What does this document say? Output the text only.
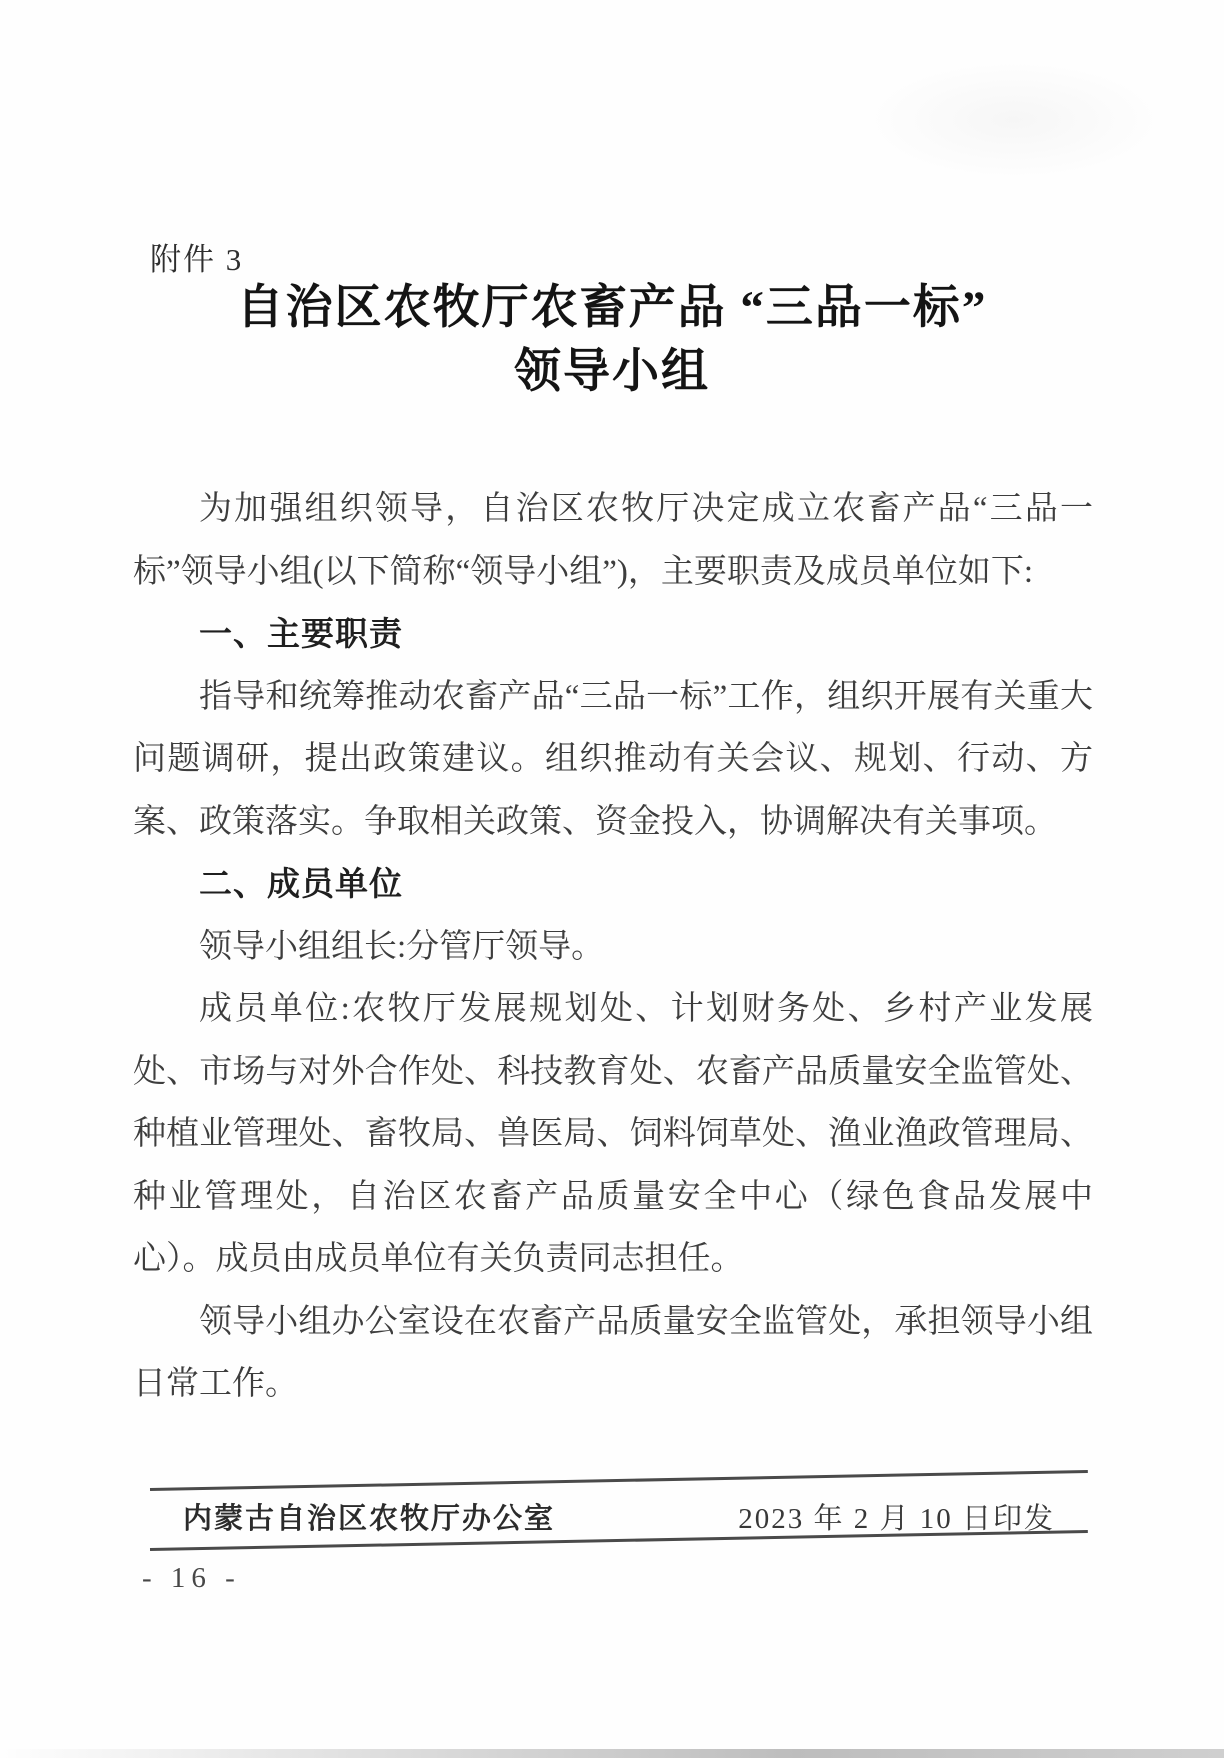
附件 3
自治区农牧厅农畜产品 “三品一标”
领导小组

为加强组织领导，自治区农牧厅决定成立农畜产品“三品一标”领导小组(以下简称“领导小组”)，主要职责及成员单位如下:

一、主要职责

指导和统筹推动农畜产品“三品一标”工作，组织开展有关重大问题调研，提出政策建议。组织推动有关会议、规划、行动、方案、政策落实。争取相关政策、资金投入，协调解决有关事项。

二、成员单位

领导小组组长:分管厅领导。

成员单位:农牧厅发展规划处、计划财务处、乡村产业发展处、市场与对外合作处、科技教育处、农畜产品质量安全监管处、种植业管理处、畜牧局、兽医局、饲料饲草处、渔业渔政管理局、种业管理处，自治区农畜产品质量安全中心（绿色食品发展中心）。成员由成员单位有关负责同志担任。

领导小组办公室设在农畜产品质量安全监管处，承担领导小组日常工作。

内蒙古自治区农牧厅办公室	2023 年 2 月 10 日印发
- 16 -
